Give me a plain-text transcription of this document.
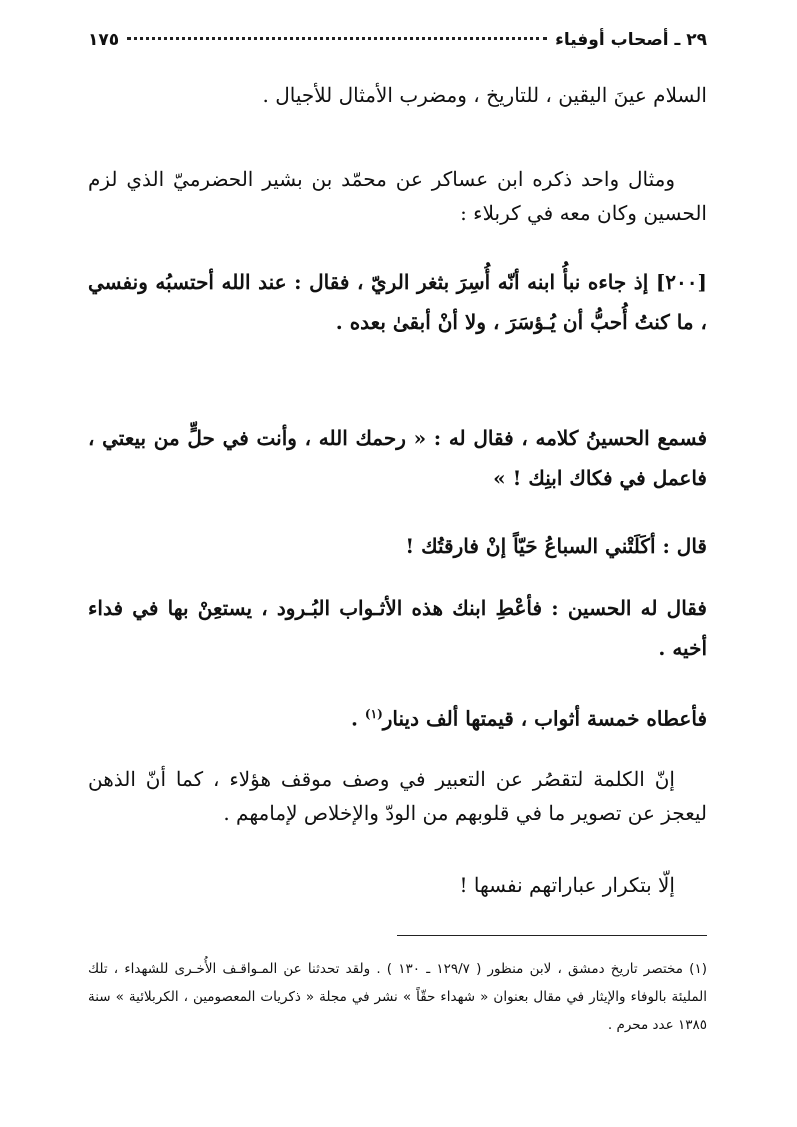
٢٩ ـ أصحاب أوفياء
١٧٥

السلام عينَ اليقين ، للتاريخ ، ومضرب الأمثال للأجيال .

ومثال واحد ذكره ابن عساكر عن محمّد بن بشير الحضرميّ الذي لزم الحسين وكان معه في كربلاء :

[٢٠٠] إذ جاءه نبأُ ابنه أنّه أُسِرَ بثغر الريّ ، فقال : عند الله أحتسبُه ونفسي ، ما كنتُ أُحبُّ أن يُـؤسَرَ ، ولا أنْ أبقىٰ بعده .

فسمع الحسينُ كلامه ، فقال له : « رحمك الله ، وأنت في حلٍّ من بيعتي ، فاعمل في فكاك ابنِك ! »

قال : أكَلَتْني السباعُ حَيّاً إنْ فارقتُك !

فقال له الحسين : فأعْطِ ابنك هذه الأثـواب البُـرود ، يستعِنْ بها في فداء أخيه .

فأعطاه خمسة أثواب ، قيمتها ألف دينار$^{(١)}$ .

إنّ الكلمة لتقصُر عن التعبير في وصف موقف هؤلاء ، كما أنّ الذهن ليعجز عن تصوير ما في قلوبهم من الودّ والإخلاص لإمامهم .

إلّا بتكرار عباراتهم نفسها !

(١) مختصر تاريخ دمشق ، لابن منظور ( ١٢٩/٧ ـ ١٣٠ ) . ولقد تحدثنا عن المـواقـف الأُخـرى للشهداء ، تلك المليئة بالوفاء والإيثار في مقال بعنوان « شهداء حقّاً » نشر في مجلة « ذكريات المعصومين ، الكربلائية » سنة ١٣٨٥ عدد محرم .
